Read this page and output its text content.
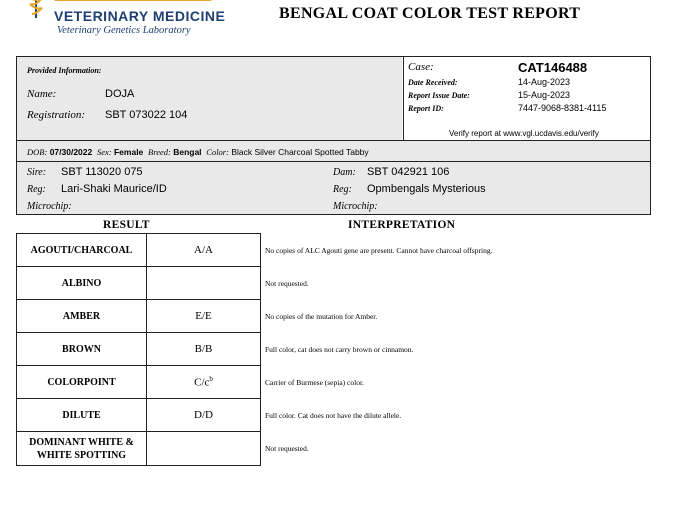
VETERINARY MEDICINE
Veterinary Genetics Laboratory
BENGAL COAT COLOR TEST REPORT
Provided Information:
Name:	DOJA
Registration: SBT 073022 104
Case:	CAT146488
Date Received:	14-Aug-2023
Report Issue Date:	15-Aug-2023
Report ID:	7447-9068-8381-4115
Verify report at www.vgl.ucdavis.edu/verify
DOB: 07/30/2022 Sex: Female Breed: Bengal Color: Black Silver Charcoal Spotted Tabby
Sire: SBT 113020 075
Reg: Lari-Shaki Maurice/ID
Microchip:
Dam: SBT 042921 106
Reg: Opmbengals Mysterious
Microchip:
RESULT	INTERPRETATION
AGOUTI/CHARCOAL	A/A	No copies of ALC Agouti gene are present. Cannot have charcoal offspring.
ALBINO		Not requested.
AMBER	E/E	No copies of the mutation for Amber.
BROWN	B/B	Full color, cat does not carry brown or cinnamon.
COLORPOINT	$C/c^b$	Carrier of Burmese (sepia) color.
DILUTE	D/D	Full color. Cat does not have the dilute allele.
DOMINANT WHITE & WHITE SPOTTING		Not requested.
